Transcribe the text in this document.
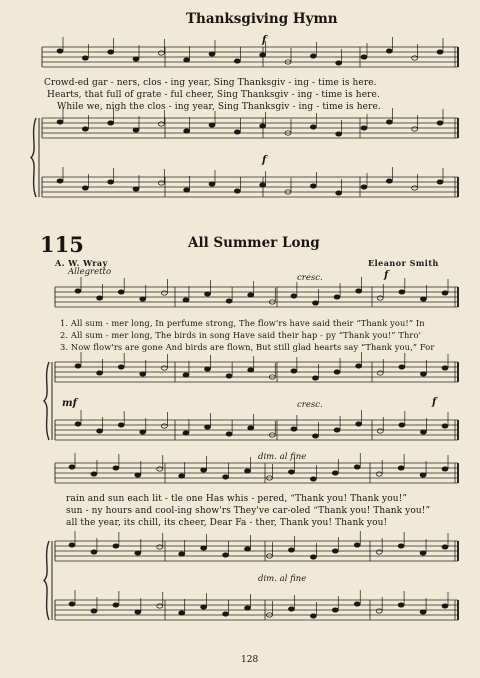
Thanksgiving Hymn
f
Crowd-ed gar - ners, clos - ing year, Sing Thanksgiv - ing - time is here.
Hearts, that full of grate - ful cheer, Sing Thanksgiv - ing - time is here.
While we, nigh the clos - ing year, Sing Thanksgiv - ing - time is here.
f
115	All Summer Long
A. W. Wray	Eleanor Smith
Allegretto
cresc.	f
1. All sum - mer long, In perfume strong, The flow'rs have said their “Thank you!” In
2. All sum - mer long, The birds in song Have said their hap - py “Thank you!” Thro'
3. Now flow'rs are gone And birds are flown, But still glad hearts say “Thank you,” For
mf	cresc.	f
dim. al fine
rain and sun each lit - tle one Has whis - pered, “Thank you! Thank you!”
sun - ny hours and cool-ing show'rs They've car-oled “Thank you! Thank you!”
all the year, its chill, its cheer, Dear Fa - ther, Thank you! Thank you!
dim. al fine
128
